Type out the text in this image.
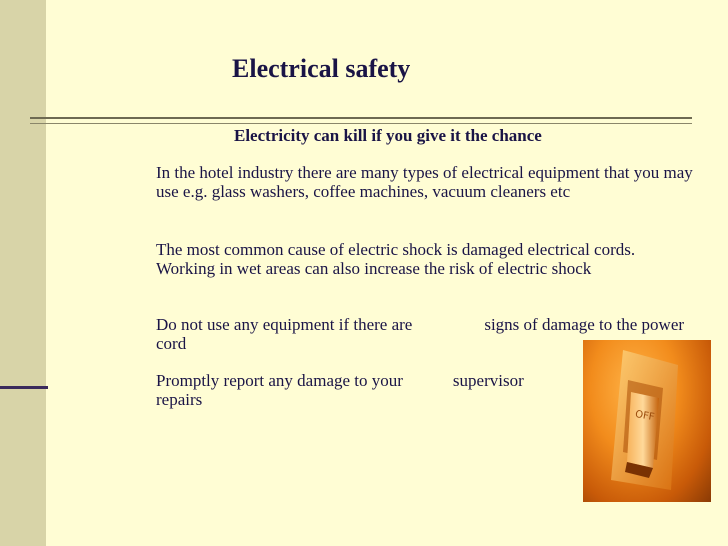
Electrical safety
Electricity can kill if you give it the chance
In the hotel industry there are many types of electrical equipment that you may use e.g. glass washers, coffee machines, vacuum cleaners etc
The most common cause of electric shock is damaged electrical cords. Working in wet areas can also increase the risk of electric shock
Do not use any equipment if there are	signs of damage to the power cord
Promptly report any damage to your	supervisor
repairs
OFF
